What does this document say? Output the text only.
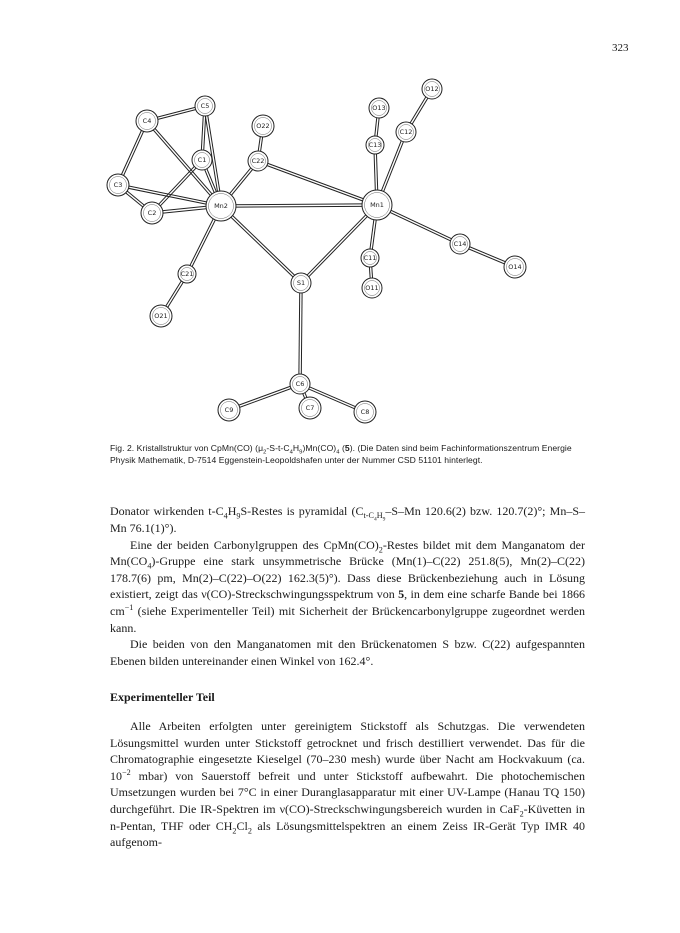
323
C5
C4
O22
O13
O12
C12
C13
C22
C1
C3
C2
Mn2	Mn1
C14
O14
C11
O11
S1
C21
O21
C6
C7
C9	C8
Fig. 2. Kristallstruktur von CpMn(CO) $(\mu_2-S-t-C_4H_9)Mn(CO)_4$ (5). (Die Daten sind beim Fachinformationszentrum Energie Physik Mathematik, D-7514 Eggenstein-Leopoldshafen unter der Nummer CSD 51101 hinterlegt.

Donator wirkenden $t-C_4H_9S$-Restes is pyramidal ($C_{t-C_4H_9}-S-Mn$ 120.6(2) bzw. 120.7(2)°; Mn–S–Mn 76.1(1)°).

Eine der beiden Carbonylgruppen des $CpMn(CO)_2$-Restes bildet mit dem Manganatom der $Mn(CO_4)$-Gruppe eine stark unsymmetrische Brücke (Mn(1)–C(22) 251.8(5), Mn(2)–C(22) 178.7(6) pm, Mn(2)–C(22)–O(22) 162.3(5)°). Dass diese Brückenbeziehung auch in Lösung existiert, zeigt das ν(CO)-Streckschwingungsspektrum von 5, in dem eine scharfe Bande bei 1866 $cm^{-1}$ (siehe Experimenteller Teil) mit Sicherheit der Brückencarbonylgruppe zugeordnet werden kann.

Die beiden von den Manganatomen mit den Brückenatomen S bzw. C(22) aufgespannten Ebenen bilden untereinander einen Winkel von 162.4°.

Experimenteller Teil

Alle Arbeiten erfolgten unter gereinigtem Stickstoff als Schutzgas. Die verwendeten Lösungsmittel wurden unter Stickstoff getrocknet und frisch destilliert verwendet. Das für die Chromatographie eingesetzte Kieselgel (70–230 mesh) wurde über Nacht am Hockvakuum (ca. $10^{-2}$ mbar) von Sauerstoff befreit und unter Stickstoff aufbewahrt. Die photochemischen Umsetzungen wurden bei 7°C in einer Duranglasapparatur mit einer UV-Lampe (Hanau TQ 150) durchgeführt. Die IR-Spektren im ν(CO)-Streckschwingungsbereich wurden in CaF$_2$-Küvetten in n-Pentan, THF oder $CH_2Cl_2$ als Lösungsmittelspektren an einem Zeiss IR-Gerät Typ IMR 40 aufgenom-
